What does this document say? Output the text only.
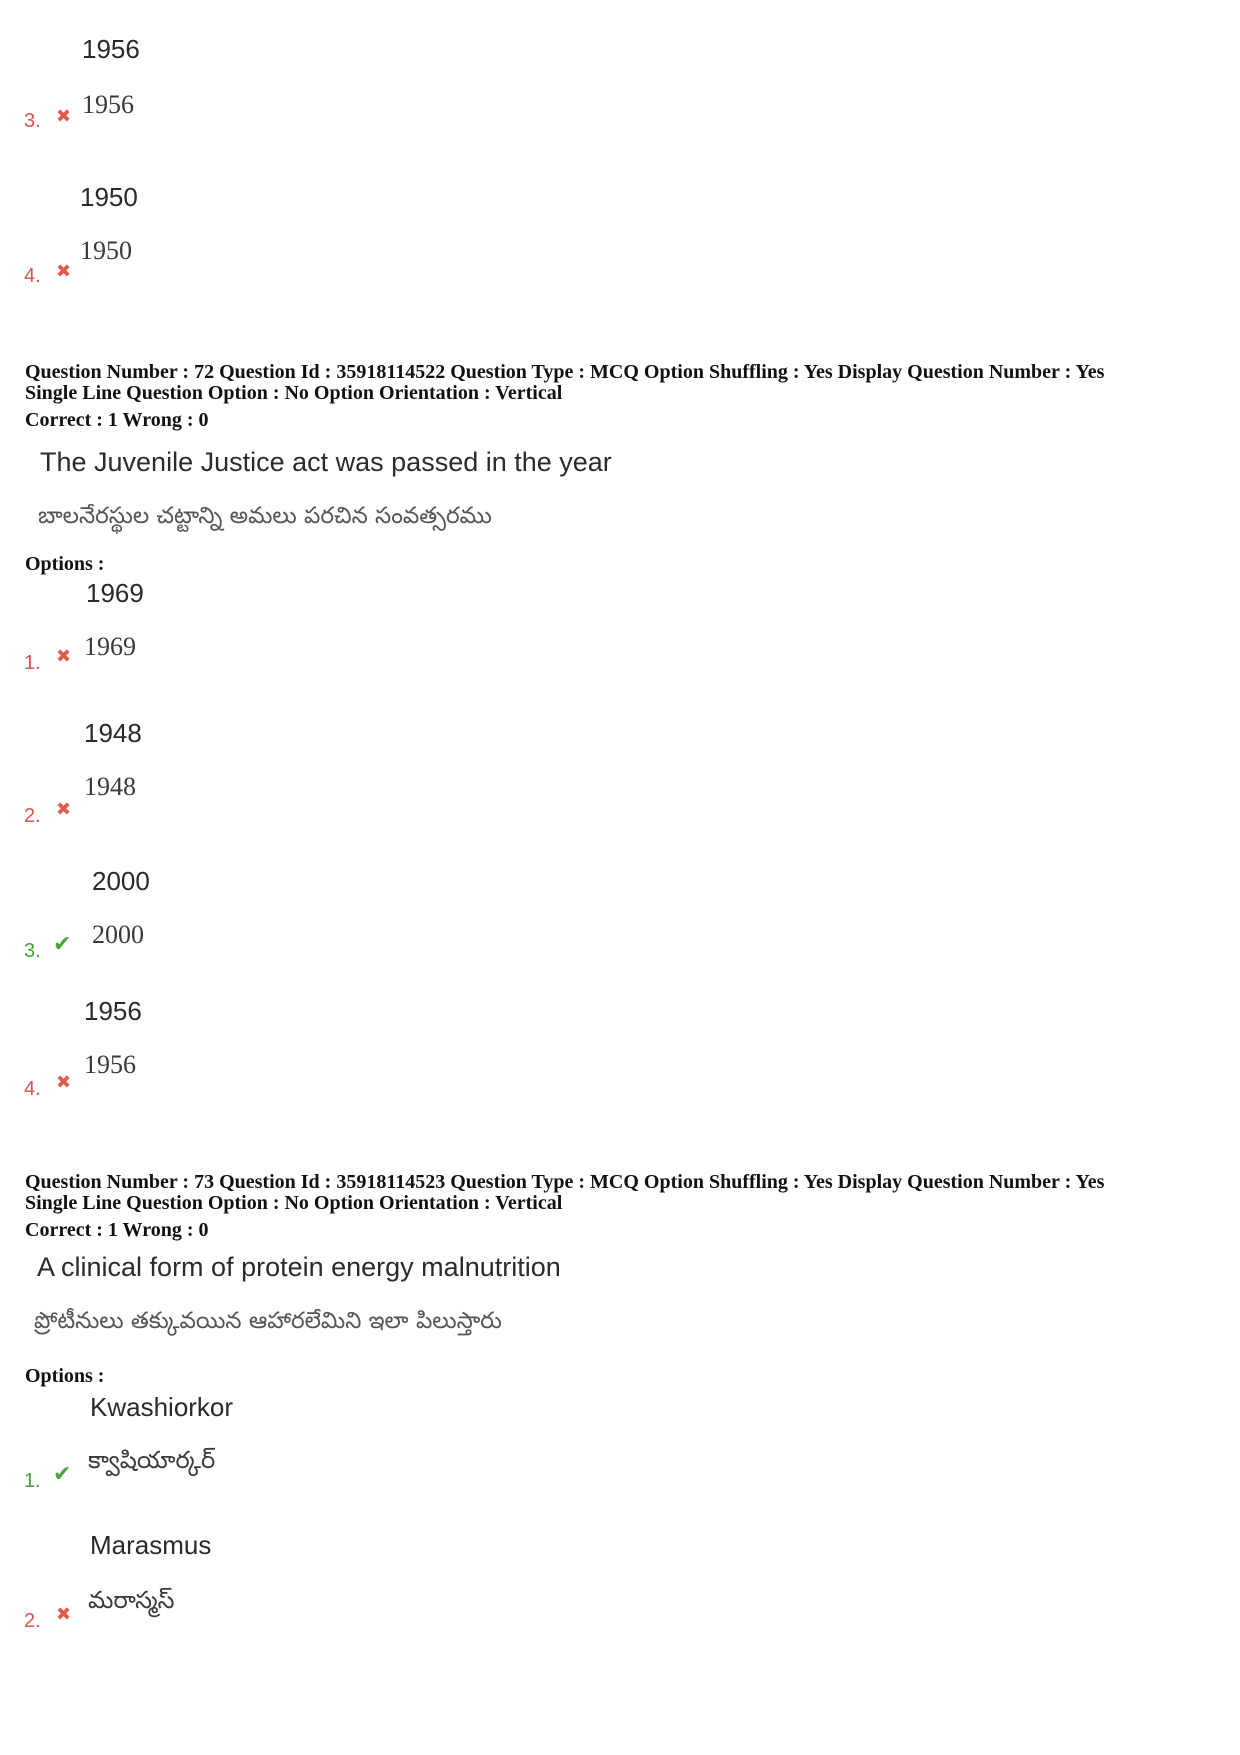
1956
3. ✖ 1956
1950
4. ✖
1950
Question Number : 72 Question Id : 35918114522 Question Type : MCQ Option Shuffling : Yes Display Question Number : Yes
Single Line Question Option : No Option Orientation : Vertical
Correct : 1 Wrong : 0
The Juvenile Justice act was passed in the year
బాలనేరస్థుల చట్టాన్ని అమలు పరచిన సంవత్సరము
Options :
1969
1. ✖ 1969
1948
2. ✖
1948
2000
3. ✔ 2000
1956
4. ✖
1956
Question Number : 73 Question Id : 35918114523 Question Type : MCQ Option Shuffling : Yes Display Question Number : Yes
Single Line Question Option : No Option Orientation : Vertical
Correct : 1 Wrong : 0
A clinical form of protein energy malnutrition
ప్రోటీనులు తక్కువయిన ఆహారలేమిని ఇలా పిలుస్తారు
Options :
Kwashiorkor
1. ✔
క్వాషియార్కర్
Marasmus
2. ✖
మరాస్మస్
